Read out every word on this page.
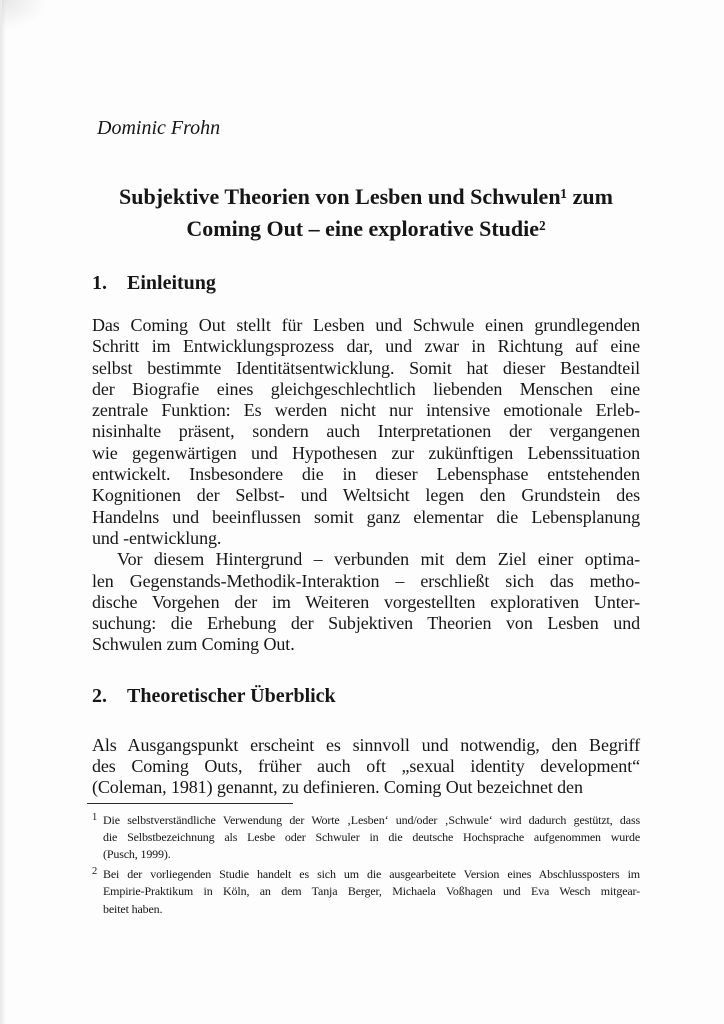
Dominic Frohn
Subjektive Theorien von Lesben und Schwulen¹ zum
Coming Out – eine explorative Studie²
1. Einleitung
Das Coming Out stellt für Lesben und Schwule einen grundlegenden
Schritt im Entwicklungsprozess dar, und zwar in Richtung auf eine
selbst bestimmte Identitätsentwicklung. Somit hat dieser Bestandteil
der Biografie eines gleichgeschlechtlich liebenden Menschen eine
zentrale Funktion: Es werden nicht nur intensive emotionale Erleb-
nisinhalte präsent, sondern auch Interpretationen der vergangenen
wie gegenwärtigen und Hypothesen zur zukünftigen Lebenssituation
entwickelt. Insbesondere die in dieser Lebensphase entstehenden
Kognitionen der Selbst- und Weltsicht legen den Grundstein des
Handelns und beeinflussen somit ganz elementar die Lebensplanung
und -entwicklung.
Vor diesem Hintergrund – verbunden mit dem Ziel einer optima-
len Gegenstands-Methodik-Interaktion – erschließt sich das metho-
dische Vorgehen der im Weiteren vorgestellten explorativen Unter-
suchung: die Erhebung der Subjektiven Theorien von Lesben und
Schwulen zum Coming Out.
2. Theoretischer Überblick
Als Ausgangspunkt erscheint es sinnvoll und notwendig, den Begriff
des Coming Outs, früher auch oft „sexual identity development“
(Coleman, 1981) genannt, zu definieren. Coming Out bezeichnet den
1 Die selbstverständliche Verwendung der Worte ‚Lesben‘ und/oder ‚Schwule‘ wird dadurch gestützt, dass
die Selbstbezeichnung als Lesbe oder Schwuler in die deutsche Hochsprache aufgenommen wurde
(Pusch, 1999).
2 Bei der vorliegenden Studie handelt es sich um die ausgearbeitete Version eines Abschlussposters im
Empirie-Praktikum in Köln, an dem Tanja Berger, Michaela Voßhagen und Eva Wesch mitgear-
beitet haben.
